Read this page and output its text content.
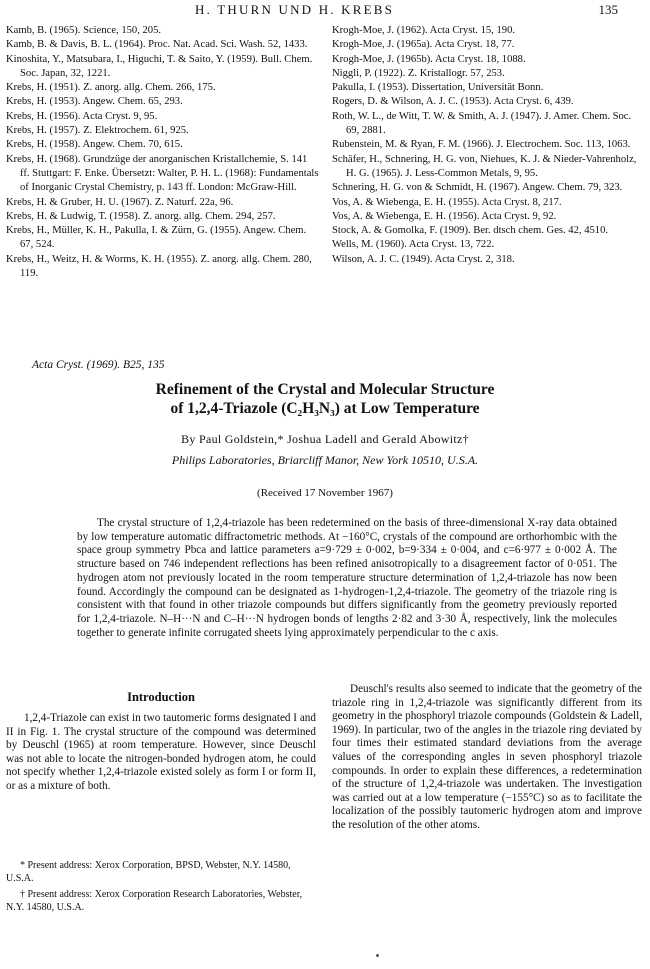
H. THURN UND H. KREBS	135

Kamb, B. (1965). Science, 150, 205.

Kamb, B. & Davis, B. L. (1964). Proc. Nat. Acad. Sci. Wash. 52, 1433.

Kinoshita, Y., Matsubara, I., Higuchi, T. & Saito, Y. (1959). Bull. Chem. Soc. Japan, 32, 1221.

Krebs, H. (1951). Z. anorg. allg. Chem. 266, 175.

Krebs, H. (1953). Angew. Chem. 65, 293.

Krebs, H. (1956). Acta Cryst. 9, 95.

Krebs, H. (1957). Z. Elektrochem. 61, 925.

Krebs, H. (1958). Angew. Chem. 70, 615.

Krebs, H. (1968). Grundzüge der anorganischen Kristallchemie, S. 141 ff. Stuttgart: F. Enke. Übersetzt: Walter, P. H. L. (1968): Fundamentals of Inorganic Crystal Chemistry, p. 143 ff. London: McGraw-Hill.

Krebs, H. & Gruber, H. U. (1967). Z. Naturf. 22a, 96.

Krebs, H. & Ludwig, T. (1958). Z. anorg. allg. Chem. 294, 257.

Krebs, H., Müller, K. H., Pakulla, I. & Zürn, G. (1955). Angew. Chem. 67, 524.

Krebs, H., Weitz, H. & Worms, K. H. (1955). Z. anorg. allg. Chem. 280, 119.

Krogh-Moe, J. (1962). Acta Cryst. 15, 190.

Krogh-Moe, J. (1965a). Acta Cryst. 18, 77.

Krogh-Moe, J. (1965b). Acta Cryst. 18, 1088.

Niggli, P. (1922). Z. Kristallogr. 57, 253.

Pakulla, I. (1953). Dissertation, Universität Bonn.

Rogers, D. & Wilson, A. J. C. (1953). Acta Cryst. 6, 439.

Roth, W. L., de Witt, T. W. & Smith, A. J. (1947). J. Amer. Chem. Soc. 69, 2881.

Rubenstein, M. & Ryan, F. M. (1966). J. Electrochem. Soc. 113, 1063.

Schäfer, H., Schnering, H. G. von, Niehues, K. J. & Nieder-Vahrenholz, H. G. (1965). J. Less-Common Metals, 9, 95.

Schnering, H. G. von & Schmidt, H. (1967). Angew. Chem. 79, 323.

Vos, A. & Wiebenga, E. H. (1955). Acta Cryst. 8, 217.

Vos, A. & Wiebenga, E. H. (1956). Acta Cryst. 9, 92.

Stock, A. & Gomolka, F. (1909). Ber. dtsch chem. Ges. 42, 4510.

Wells, M. (1960). Acta Cryst. 13, 722.

Wilson, A. J. C. (1949). Acta Cryst. 2, 318.

Acta Cryst. (1969). B25, 135
Refinement of the Crystal and Molecular Structure
of 1,2,4-Triazole (C₂H₃N₃) at Low Temperature
By Paul Goldstein,* Joshua Ladell and Gerald Abowitz†
Philips Laboratories, Briarcliff Manor, New York 10510, U.S.A.
(Received 17 November 1967)

The crystal structure of 1,2,4-triazole has been redetermined on the basis of three-dimensional X-ray data obtained by low temperature automatic diffractometric methods. At −160°C, crystals of the compound are orthorhombic with the space group symmetry Pbca and lattice parameters a=9·729 ± 0·002, b=9·334 ± 0·004, and c=6·977 ± 0·002 Å. The structure based on 746 independent reflections has been refined anisotropically to a disagreement factor of 0·051. The hydrogen atom not previously located in the room temperature structure determination of 1,2,4-triazole has now been found. Accordingly the compound can be designated as 1-hydrogen-1,2,4-triazole. The geometry of the triazole ring is consistent with that found in other triazole compounds but differs significantly from the geometry previously reported for 1,2,4-triazole. N–H···N and C–H···N hydrogen bonds of lengths 2·82 and 3·30 Å, respectively, link the molecules together to generate infinite corrugated sheets lying approximately perpendicular to the c axis.

Introduction

1,2,4-Triazole can exist in two tautomeric forms designated I and II in Fig. 1. The crystal structure of the compound was determined by Deuschl (1965) at room temperature. However, since Deuschl was not able to locate the nitrogen-bonded hydrogen atom, he could not specify whether 1,2,4-triazole existed solely as form I or form II, or as a mixture of both.

* Present address: Xerox Corporation, BPSD, Webster, N.Y. 14580, U.S.A.

† Present address: Xerox Corporation Research Laboratories, Webster, N.Y. 14580, U.S.A.

Deuschl's results also seemed to indicate that the geometry of the triazole ring in 1,2,4-triazole was significantly different from its geometry in the phosphoryl triazole compounds (Goldstein & Ladell, 1969). In particular, two of the angles in the triazole ring deviated by four times their estimated standard deviations from the average values of the corresponding angles in seven phosphoryl triazole compounds. In order to explain these differences, a redetermination of the structure of 1,2,4-triazole was undertaken. The investigation was carried out at a low temperature (−155°C) so as to facilitate the localization of the possibly tautomeric hydrogen atom and improve the resolution of the other atoms.
